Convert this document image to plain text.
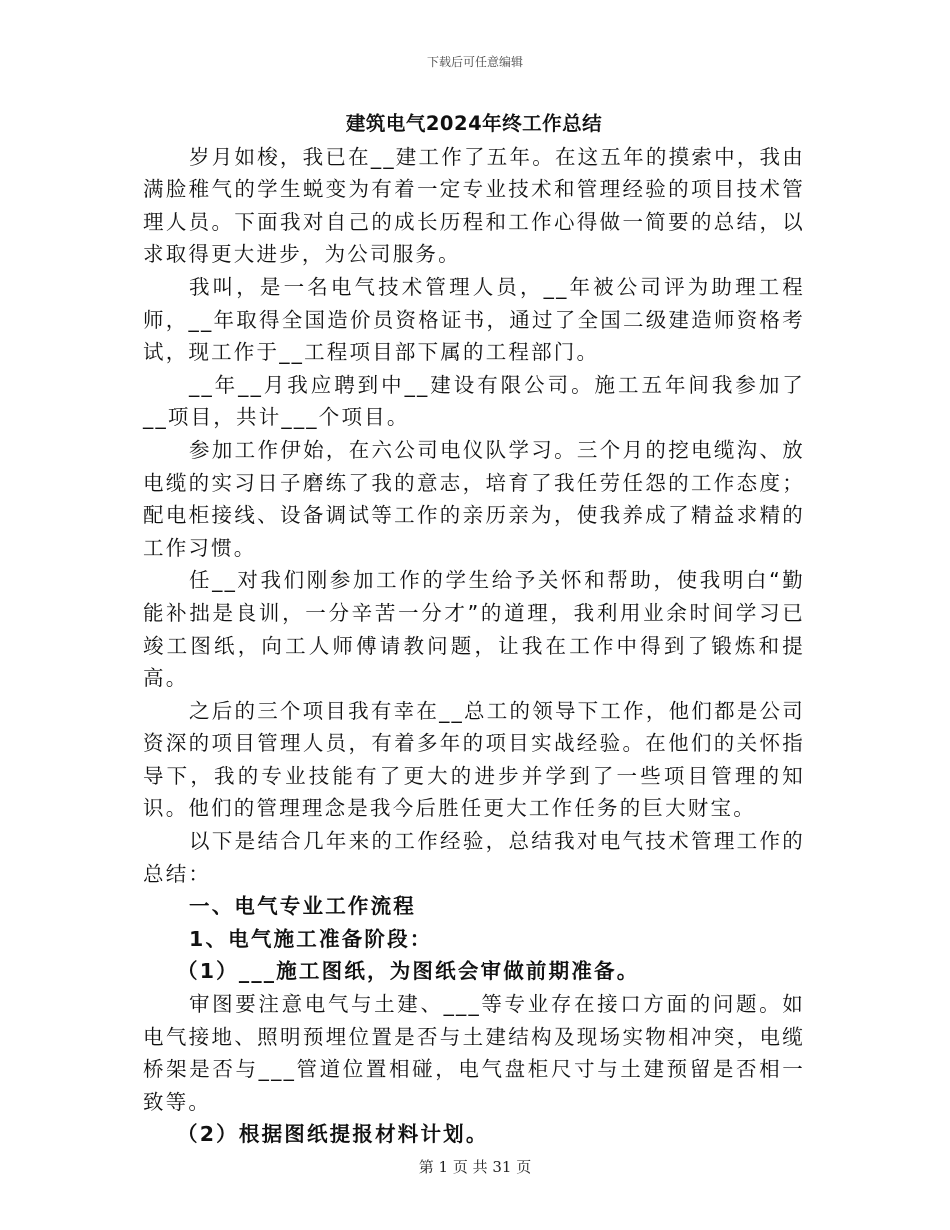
下载后可任意编辑

建筑电气2024年终工作总结

岁月如梭，我已在__建工作了五年。在这五年的摸索中，我由满脸稚气的学生蜕变为有着一定专业技术和管理经验的项目技术管理人员。下面我对自己的成长历程和工作心得做一简要的总结，以求取得更大进步，为公司服务。

我叫，是一名电气技术管理人员，__年被公司评为助理工程师，__年取得全国造价员资格证书，通过了全国二级建造师资格考试，现工作于__工程项目部下属的工程部门。

__年__月我应聘到中__建设有限公司。施工五年间我参加了__项目，共计___个项目。

参加工作伊始，在六公司电仪队学习。三个月的挖电缆沟、放电缆的实习日子磨练了我的意志，培育了我任劳任怨的工作态度；配电柜接线、设备调试等工作的亲历亲为，使我养成了精益求精的工作习惯。

任__对我们刚参加工作的学生给予关怀和帮助，使我明白“勤能补拙是良训，一分辛苦一分才”的道理，我利用业余时间学习已竣工图纸，向工人师傅请教问题，让我在工作中得到了锻炼和提高。

之后的三个项目我有幸在__总工的领导下工作，他们都是公司资深的项目管理人员，有着多年的项目实战经验。在他们的关怀指导下，我的专业技能有了更大的进步并学到了一些项目管理的知识。他们的管理理念是我今后胜任更大工作任务的巨大财宝。

以下是结合几年来的工作经验，总结我对电气技术管理工作的总结：

一、电气专业工作流程

1、电气施工准备阶段：

（1）___施工图纸，为图纸会审做前期准备。

审图要注意电气与土建、___等专业存在接口方面的问题。如电气接地、照明预埋位置是否与土建结构及现场实物相冲突，电缆桥架是否与___管道位置相碰，电气盘柜尺寸与土建预留是否相一致等。

（2）根据图纸提报材料计划。

第 1 页 共 31 页
